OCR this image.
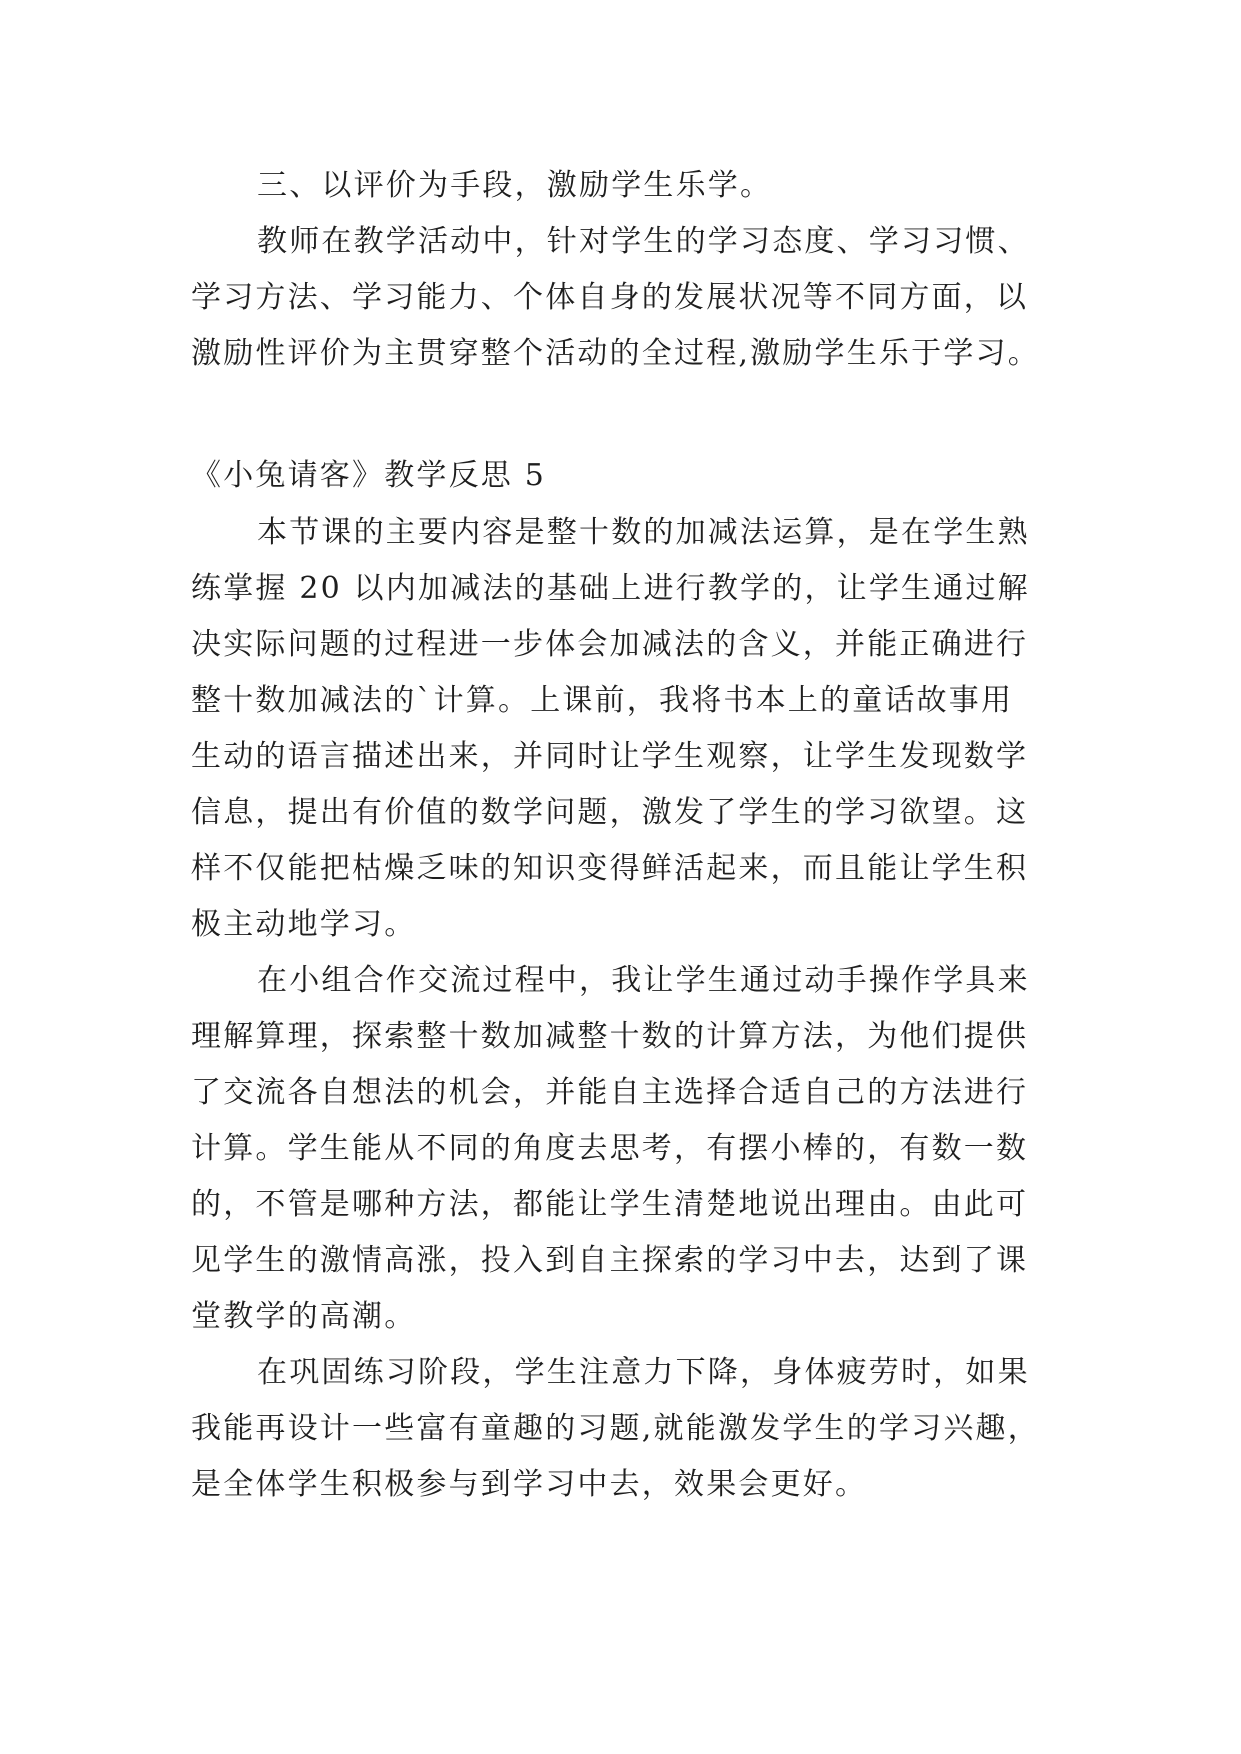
三、以评价为手段，激励学生乐学。
教师在教学活动中，针对学生的学习态度、学习习惯、
学习方法、学习能力、个体自身的发展状况等不同方面，以
激励性评价为主贯穿整个活动的全过程,激励学生乐于学习。
《小兔请客》教学反思 5
本节课的主要内容是整十数的加减法运算，是在学生熟
练掌握 20 以内加减法的基础上进行教学的，让学生通过解
决实际问题的过程进一步体会加减法的含义，并能正确进行
整十数加减法的`计算。上课前，我将书本上的童话故事用
生动的语言描述出来，并同时让学生观察，让学生发现数学
信息，提出有价值的数学问题，激发了学生的学习欲望。这
样不仅能把枯燥乏味的知识变得鲜活起来，而且能让学生积
极主动地学习。
在小组合作交流过程中，我让学生通过动手操作学具来
理解算理，探索整十数加减整十数的计算方法，为他们提供
了交流各自想法的机会，并能自主选择合适自己的方法进行
计算。学生能从不同的角度去思考，有摆小棒的，有数一数
的，不管是哪种方法，都能让学生清楚地说出理由。由此可
见学生的激情高涨，投入到自主探索的学习中去，达到了课
堂教学的高潮。
在巩固练习阶段，学生注意力下降，身体疲劳时，如果
我能再设计一些富有童趣的习题,就能激发学生的学习兴趣，
是全体学生积极参与到学习中去，效果会更好。
